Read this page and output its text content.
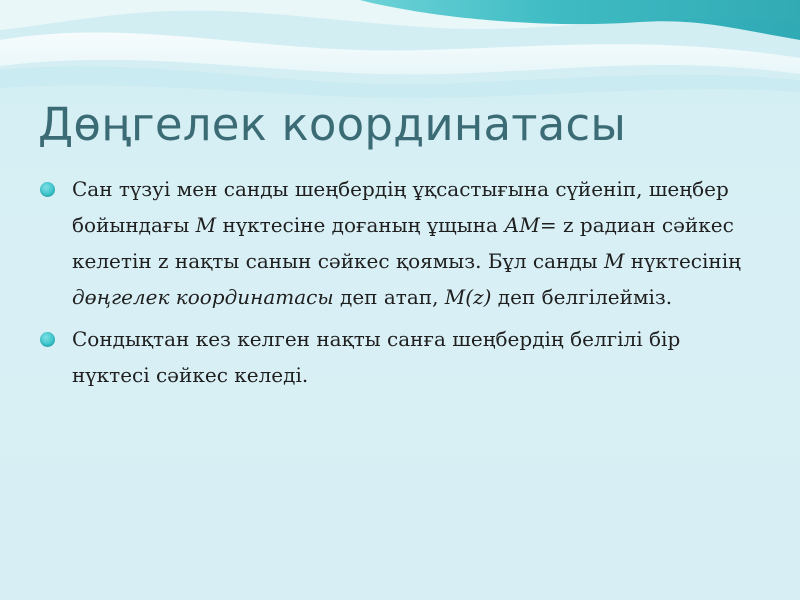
Дөңгелек координатасы
Сан түзуі мен санды шеңбердің ұқсастығына сүйеніп, шеңбер бойындағы M нүктесіне доғаның ұщына АМ= z радиан сәйкес келетін z нақты санын сәйкес қоямыз. Бұл санды M нүктесінің дөңгелек координатасы деп атап, M(z) деп белгілейміз.
Сондықтан кез келген нақты санға шеңбердің белгілі бір нүктесі сәйкес келеді.
